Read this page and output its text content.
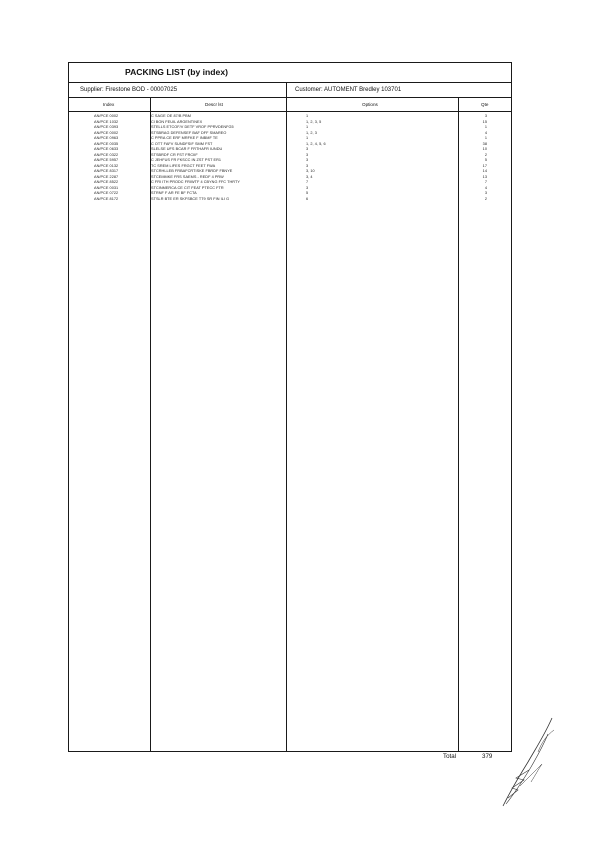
PACKING LIST (by index)
Supplier: Firestone BOD - 00007025	Customer: AUTOMENT Bredley 103701
Index	Descr lst	Options	Qte
AN/PCE 0002	C SAGE OE 87/B PBM	1	3
AN/PCE 1032	Cl BON FEUIL ARGENTINEX	1, 2, 3, 5	15
AN/PCE 0393	STELLS ETCOF/V DETF VROF PPRVDENFG5	1	1
AN/PCE 0002	STSBRAG DEFENSEF BAF DFF SMAREO	1, 2, 3	4
AN/PCE 0963	C PPRA CE ERF MRFKE F INBMF TE	1	1
AN/PCE 0035	C OTT FAFV SUNDFSIF SMM FST	1, 2, 4, 5, 6	38
AN/PCE 0633	SLELSE UFS BCAR F FRTHAFR IUNDU	3	10
AN/PCE 0322	STSBRDF CR FST FRCIIF	3	2
AN/PCE 5957	C JEHFUS FR FKSCC IN ZST PST ER1	3	5
AN/PCE 0132	TC SREM LIFES FRGCT FEET FWA	3	17
AN/PCE 8317	STCRHLLEB FRBAFCRTISKE FBRDF FBNYE	3, 10	14
AN/PCE 2287	STCEMMKE FRS SAEMS - REDF 4 PRW	3, 4	13
AN/PCE 8522	C FRI ITH PRODC FRIWTF 4 CBYNG FFC THRTY	7	7
AN/PCE 0031	STCINMERCA CE CIT FEAT PTECC FTR	3	4
AN/PCE 0722	STRNF F AR FE BF FCTA	5	3
AN/PCE 8172	STSLR BTE ER SKFSBCE TT9 SR FIN ILI G	6	2
Total	379
